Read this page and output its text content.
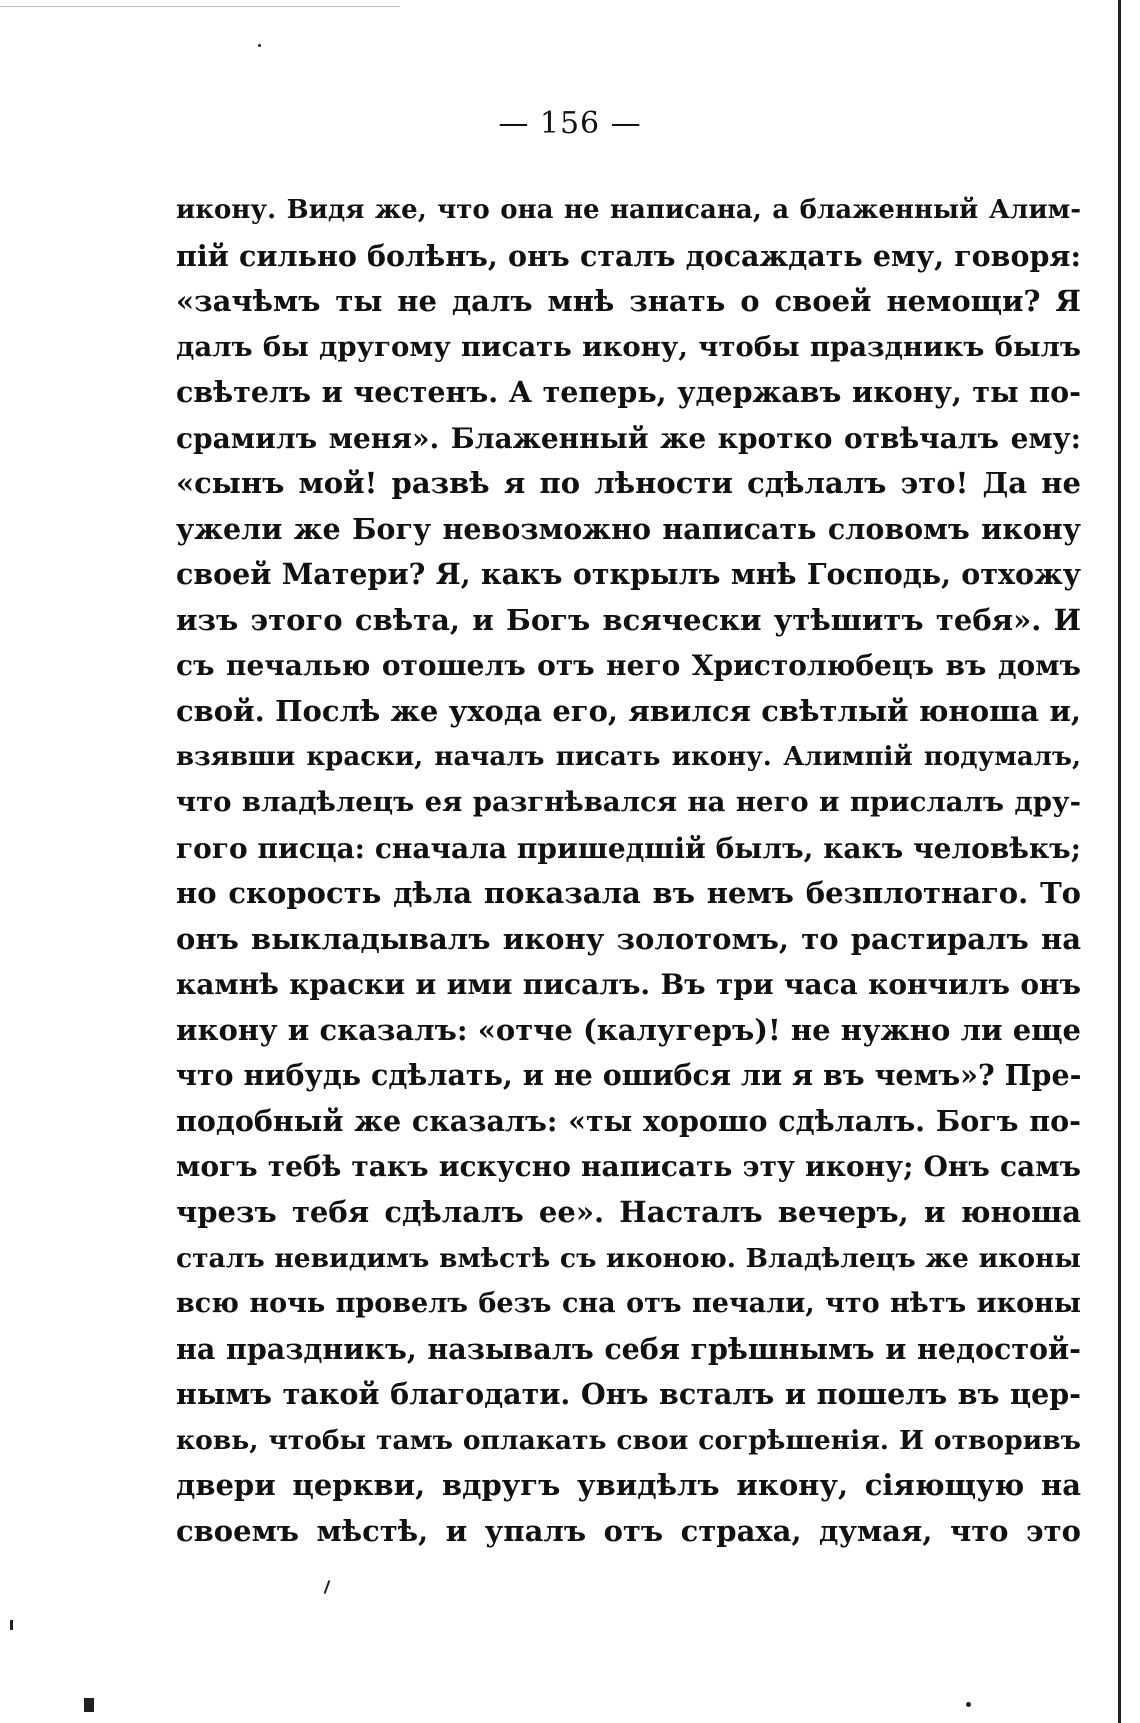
— 156 —
икону. Видя же, что она не написана, а блаженный Алим-
пій сильно болѣнъ, онъ сталъ досаждать ему, говоря:
«зачѣмъ ты не далъ мнѣ знать о своей немощи? Я
далъ бы другому писать икону, чтобы праздникъ былъ
свѣтелъ и честенъ. А теперь, удержавъ икону, ты по-
срамилъ меня». Блаженный же кротко отвѣчалъ ему:
«сынъ мой! развѣ я по лѣности сдѣлалъ это! Да не
ужели же Богу невозможно написать словомъ икону
своей Матери? Я, какъ открылъ мнѣ Господь, отхожу
изъ этого свѣта, и Богъ всячески утѣшитъ тебя». И
съ печалью отошелъ отъ него Христолюбецъ въ домъ
свой. Послѣ же ухода его, явился свѣтлый юноша и,
взявши краски, началъ писать икону. Алимпій подумалъ,
что владѣлецъ ея разгнѣвался на него и прислалъ дру-
гого писца: сначала пришедшій былъ, какъ человѣкъ;
но скорость дѣла показала въ немъ безплотнаго. То
онъ выкладывалъ икону золотомъ, то растиралъ на
камнѣ краски и ими писалъ. Въ три часа кончилъ онъ
икону и сказалъ: «отче (калугеръ)! не нужно ли еще
что нибудь сдѣлать, и не ошибся ли я въ чемъ»? Пре-
подобный же сказалъ: «ты хорошо сдѣлалъ. Богъ по-
могъ тебѣ такъ искусно написать эту икону; Онъ самъ
чрезъ тебя сдѣлалъ ее». Насталъ вечеръ, и юноша
сталъ невидимъ вмѣстѣ съ иконою. Владѣлецъ же иконы
всю ночь провелъ безъ сна отъ печали, что нѣтъ иконы
на праздникъ, называлъ себя грѣшнымъ и недостой-
нымъ такой благодати. Онъ всталъ и пошелъ въ цер-
ковь, чтобы тамъ оплакать свои согрѣшенія. И отворивъ
двери церкви, вдругъ увидѣлъ икону, сіяющую на
своемъ мѣстѣ, и упалъ отъ страха, думая, что это
